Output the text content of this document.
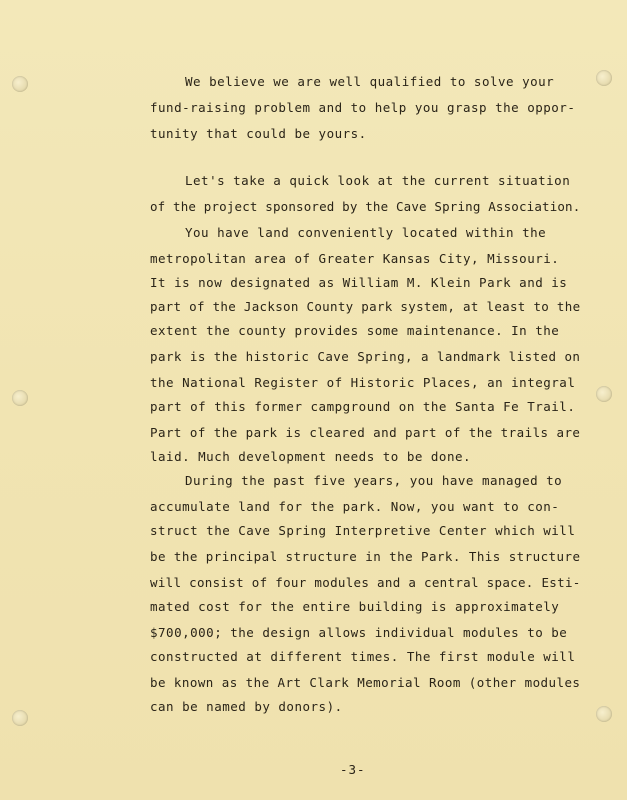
We believe we are well qualified to solve your
fund-raising problem and to help you grasp the oppor-
tunity that could be yours.
Let's take a quick look at the current situation
of the project sponsored by the Cave Spring Association.
You have land conveniently located within the
metropolitan area of Greater Kansas City, Missouri.
It is now designated as William M. Klein Park and is
part of the Jackson County park system, at least to the
extent the county provides some maintenance. In the
park is the historic Cave Spring, a landmark listed on
the National Register of Historic Places, an integral
part of this former campground on the Santa Fe Trail.
Part of the park is cleared and part of the trails are
laid. Much development needs to be done.
During the past five years, you have managed to
accumulate land for the park. Now, you want to con-
struct the Cave Spring Interpretive Center which will
be the principal structure in the Park. This structure
will consist of four modules and a central space. Esti-
mated cost for the entire building is approximately
$700,000; the design allows individual modules to be
constructed at different times. The first module will
be known as the Art Clark Memorial Room (other modules
can be named by donors).
-3-
